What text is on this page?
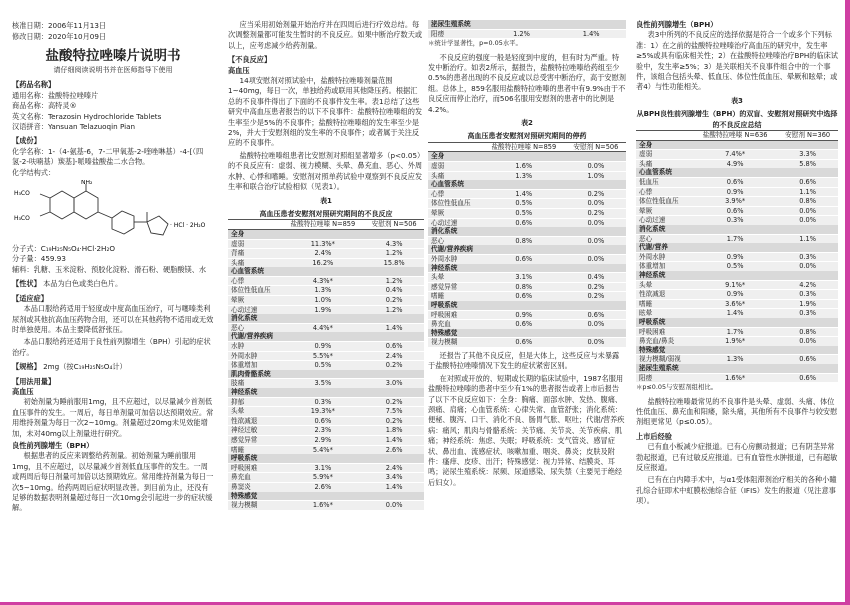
核准日期：2006年11月13日
修改日期：2020年10月09日
盐酸特拉唑嗪片说明书
请仔细阅读说明书并在医师指导下使用
【药品名称】
通用名称：盐酸特拉唑嗪片
商品名称：高特灵®
英文名称：Terazosin Hydrochloride Tablets
汉语拼音：Yansuan Telazuoqin Pian
【成份】
化学名称：1-（4-氨基-6，7-二甲氧基-2-喹唑啉基）-4-[（四氢-2-呋喃基）羰基]-哌嗪盐酸盐二水合物。
化学结构式：
H₃CO
H₃CO
NH₂
· HCl · 2H₂O
分子式：C₁₉H₂₅N₅O₄·HCl·2H₂O
分子量：459.93
辅料：乳糖、玉米淀粉、预胶化淀粉、滑石粉、硬脂酸镁、水
【性状】 本品为白色或类白色片。
【适应症】

本品口服给药适用于轻度或中度高血压治疗，可与噻嗪类利尿剂或其他抗高血压药物合用，还可以在其他药物不适用或无效时单独使用。本品主要降低舒张压。

本品口服给药还适用于良性前列腺增生（BPH）引起的症状治疗。

【规格】 2mg（按C₁₉H₂₅N₅O₄计）
【用法用量】
高血压

初始剂量为睡前服用1mg，且不应超过，以尽量减少首剂低血压事件的发生。一周后，每日单剂量可加倍以达预期效应。常用维持剂量为每日一次2~10mg。剂量超过20mg未见效能增加，未对40mg以上剂量进行研究。

良性前列腺增生（BPH）

根据患者的反应来调整给药剂量。初始剂量为睡前服用1mg，且不应超过，以尽量减少首剂低血压事件的发生。一周或两周后每日剂量可加倍以达预期效应。常用维持剂量为每日一次5~10mg。给药两周后症状明显改善。到目前为止，还没有足够的数据表明剂量超过每日一次10mg会引起进一步的症状缓解。

应当采用初始剂量开始治疗并在四周后进行疗效总结。每次调整剂量都可能发生暂时的不良反应。如果中断治疗数天或以上，应考虑减少给药剂量。

【不良反应】
高血压

14项安慰剂对照试验中，盐酸特拉唑嗪剂量范围1~40mg，每日一次，单独给药或联用其他降压药。根据汇总的不良事件得出了下面的不良事件发生率。表1总结了这些研究中高血压患者报告的以下不良事件：盐酸特拉唑嗪组的发生率至少是5%的不良事件；盐酸特拉唑嗪组的发生率至少是2%，并大于安慰剂组的发生率的不良事件；或者属于关注反应的不良事件。

盐酸特拉唑嗪组患者比安慰剂对照组显著增多（p<0.05）的不良反应有：虚弱、视力模糊、头晕、鼻充血、恶心、外周水肿、心悸和嗜睡。安慰剂对照单药试验中观察到不良反应发生率和联合治疗试验相似（见表1）。

表1
高血压患者安慰剂对照研究期间的不良反应
	盐酸特拉唑嗪 N=859	安慰剂 N=506
全身		
虚弱	11.3%*	4.3%
背痛	2.4%	1.2%
头痛	16.2%	15.8%
心血管系统		
心悸	4.3%*	1.2%
体位性低血压	1.3%	0.4%
晕厥	1.0%	0.2%
心动过速	1.9%	1.2%
消化系统		
恶心	4.4%*	1.4%
代谢/营养疾病		
水肿	0.9%	0.6%
外周水肿	5.5%*	2.4%
体重增加	0.5%	0.2%
肌肉骨骼系统		
肢痛	3.5%	3.0%
神经系统		
抑郁	0.3%	0.2%
头晕	19.3%*	7.5%
性欲减退	0.6%	0.2%
神经过敏	2.3%	1.8%
感觉异常	2.9%	1.4%
嗜睡	5.4%*	2.6%
呼吸系统		
呼吸困难	3.1%	2.4%
鼻充血	5.9%*	3.4%
鼻窦炎	2.6%	1.4%
特殊感觉		
视力模糊	1.6%*	0.0%
泌尿生殖系统
阳痿	1.2%	1.4%
＊统计学显著性，p=0.05水平。

不良反应的强度一般是轻度到中度的，但有时为严重。特发中断治疗。如表2所示，据报告，盐酸特拉唑嗪给药组至少0.5%的患者出现的不良反应或以总受害中断治疗，高于安慰剂组。总体上，859名服用盐酸特拉唑嗪的患者中有9.9%由于不良反应而停止治疗，而506名服用安慰剂的患者中的比例是4.2%。

表2
高血压患者安慰剂对照研究期间的停药
	盐酸特拉唑嗪 N=859	安慰剂 N=506
全身		
虚弱	1.6%	0.0%
头痛	1.3%	1.0%
心血管系统		
心悸	1.4%	0.2%
体位性低血压	0.5%	0.0%
晕厥	0.5%	0.2%
心动过速	0.6%	0.0%
消化系统		
恶心	0.8%	0.0%
代谢/营养疾病		
外周水肿	0.6%	0.0%
神经系统		
头晕	3.1%	0.4%
感觉异常	0.8%	0.2%
嗜睡	0.6%	0.2%
呼吸系统		
呼吸困难	0.9%	0.6%
鼻充血	0.6%	0.0%
特殊感觉		
视力模糊	0.6%	0.0%

还报告了其他不良反应，但是大体上，这些反应与未暴露于盐酸特拉唑嗪情况下发生的症状紧密区别。

在对照或开放的、短期或长期的临床试验中，1987名服用盐酸特拉唑嗪的患者中至少有1%的患者报告或者上市后报告了以下不良反应如下：全身：胸痛、面部水肿、发热、腹痛、颈痛、肩痛；心血管系统：心律失常、血管舒张；消化系统：便秘、腹泻、口干、消化不良、肠胃气胀、呕吐；代谢/营养疾病：痛风；肌肉与骨骼系统：关节痛、关节炎、关节疾病、肌痛；神经系统：焦虑、失眠；呼吸系统：支气管炎、感冒症状、鼻出血、流感症状、咳嗽加重、咽炎、鼻炎；皮肤及附件：瘙痒、皮疹、出汗；特殊感觉：视力异常、结膜炎、耳鸣；泌尿生殖系统：尿频、尿道感染、尿失禁（主要见于绝经后妇女）。

良性前列腺增生（BPH）

表3中所列的不良反应的选择依据是符合一个或多个下列标准：1）在之前的盐酸特拉唑嗪治疗高血压的研究中，发生率≥5%或具有临床相关性；2）在盐酸特拉唑嗪治疗BPH的临床试验中，发生率≥5%；3）是关联相关不良事件组合中的一个事件，该组合包括头晕、低血压、体位性低血压、晕厥和眩晕；或者4）与性功能相关。

表3
从BPH良性前列腺增生（BPH）的双盲、安慰剂对照研究中选择的不良反应总结
	盐酸特拉唑嗪 N=636	安慰剂 N=360
全身		
虚弱	7.4%*	3.3%
头痛	4.9%	5.8%
心血管系统		
低血压	0.6%	0.6%
心悸	0.9%	1.1%
体位性低血压	3.9%*	0.8%
晕厥	0.6%	0.0%
心动过速	0.3%	0.0%
消化系统		
恶心	1.7%	1.1%
代谢/营养		
外周水肿	0.9%	0.3%
体重增加	0.5%	0.0%
神经系统		
头晕	9.1%*	4.2%
性欲减退	0.9%	0.3%
嗜睡	3.6%*	1.9%
眩晕	1.4%	0.3%
呼吸系统		
呼吸困难	1.7%	0.8%
鼻充血/鼻炎	1.9%*	0.0%
特殊感觉		
视力模糊/弱视	1.3%	0.6%
泌尿生殖系统		
阳痿	1.6%*	0.6%
＊p≤0.05与安慰剂组相比。

盐酸特拉唑嗪最常见的不良事件是头晕、虚弱、头痛、体位性低血压、鼻充血和阳痿，除头痛，其他所有不良事件与较安慰剂组更常见（p≤0.05）。

上市后经验

已有血小板减少症报道。已有心房颤动报道；已有阴茎异常勃起报道，已有过敏反应报道。已有血管性水肿报道，已有超敏反应报道。

已有在白内障手术中，与α1受体阻滞剂治疗相关的各种小瞳孔综合征即术中虹膜松弛综合征（IFIS）发生的报道（见注意事项）。
